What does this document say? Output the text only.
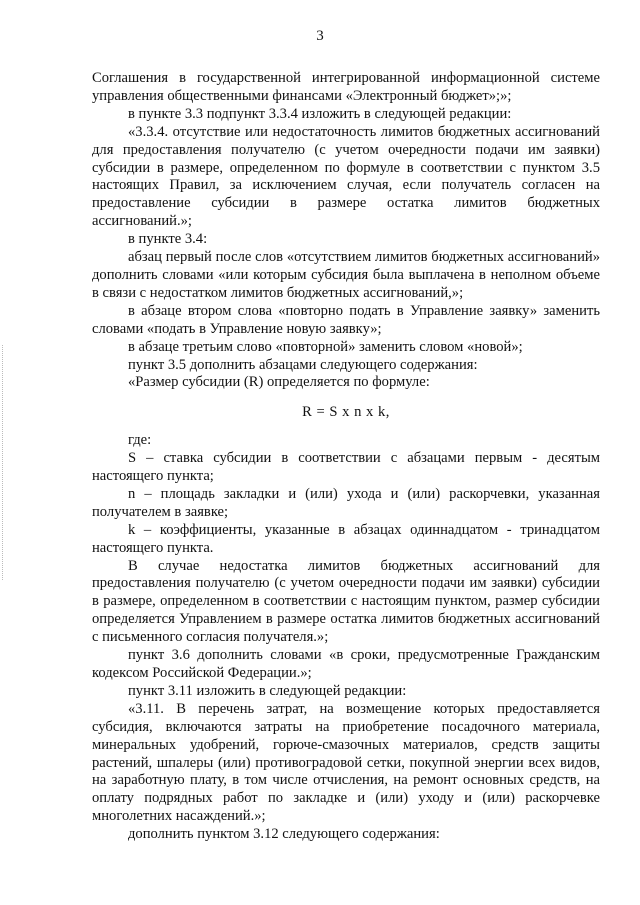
3

Соглашения в государственной интегрированной информационной системе управления общественными финансами «Электронный бюджет»;»;

в пункте 3.3 подпункт 3.3.4 изложить в следующей редакции:

«3.3.4. отсутствие или недостаточность лимитов бюджетных ассигнований для предоставления получателю (с учетом очередности подачи им заявки) субсидии в размере, определенном по формуле в соответствии с пунктом 3.5 настоящих Правил, за исключением случая, если получатель согласен на предоставление субсидии в размере остатка лимитов бюджетных ассигнований.»;

в пункте 3.4:

абзац первый после слов «отсутствием лимитов бюджетных ассигнований» дополнить словами «или которым субсидия была выплачена в неполном объеме в связи с недостатком лимитов бюджетных ассигнований,»;

в абзаце втором слова «повторно подать в Управление заявку» заменить словами «подать в Управление новую заявку»;

в абзаце третьим слово «повторной» заменить словом «новой»;

пункт 3.5 дополнить абзацами следующего содержания:

«Размер субсидии (R) определяется по формуле:

R = S x n x k,

где:

S – ставка субсидии в соответствии с абзацами первым - десятым настоящего пункта;

n – площадь закладки и (или) ухода и (или) раскорчевки, указанная получателем в заявке;

k – коэффициенты, указанные в абзацах одиннадцатом - тринадцатом настоящего пункта.

В случае недостатка лимитов бюджетных ассигнований для предоставления получателю (с учетом очередности подачи им заявки) субсидии в размере, определенном в соответствии с настоящим пунктом, размер субсидии определяется Управлением в размере остатка лимитов бюджетных ассигнований с письменного согласия получателя.»;

пункт 3.6 дополнить словами «в сроки, предусмотренные Гражданским кодексом Российской Федерации.»;

пункт 3.11 изложить в следующей редакции:

«3.11. В перечень затрат, на возмещение которых предоставляется субсидия, включаются затраты на приобретение посадочного материала, минеральных удобрений, горюче-смазочных материалов, средств защиты растений, шпалеры (или) противоградовой сетки, покупной энергии всех видов, на заработную плату, в том числе отчисления, на ремонт основных средств, на оплату подрядных работ по закладке и (или) уходу и (или) раскорчевке многолетних насаждений.»;

дополнить пунктом 3.12 следующего содержания:
